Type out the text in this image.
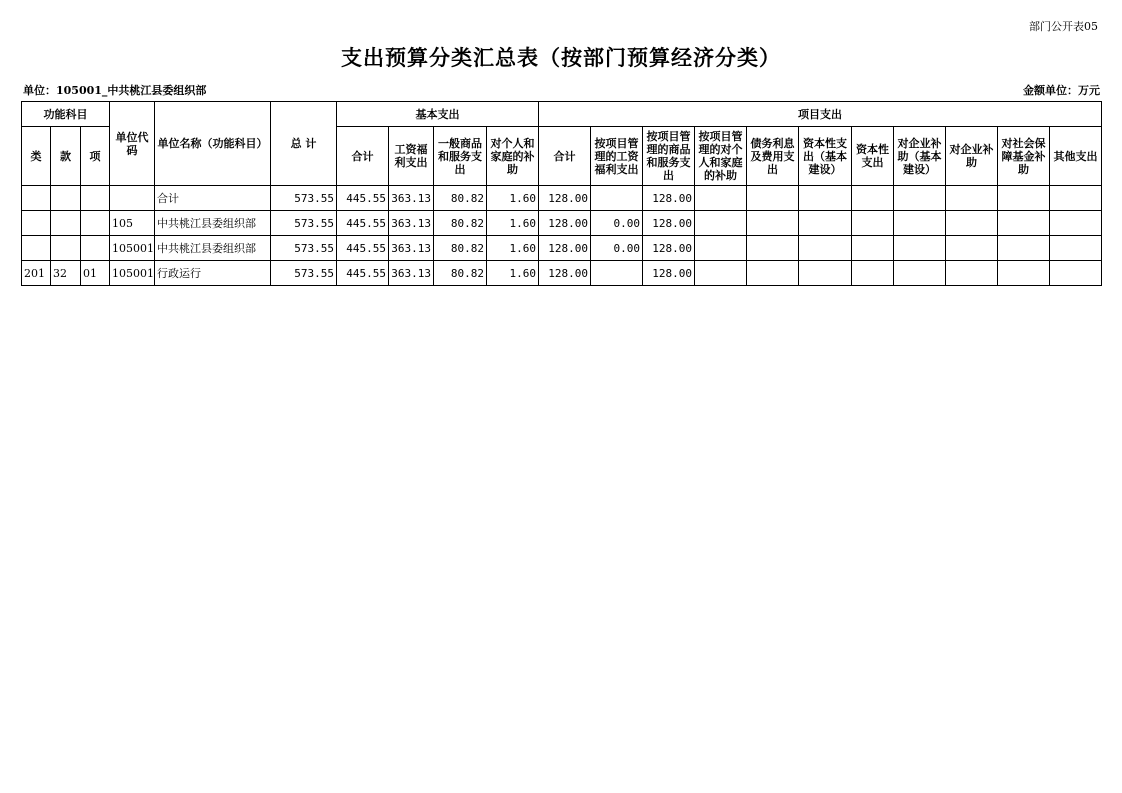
部门公开表05
支出预算分类汇总表（按部门预算经济分类）
单位：105001_中共桃江县委组织部	金额单位：万元
功能科目			单位代码	单位名称（功能科目）	总 计	基本支出				项目支出										
类	款	项				合计	工资福利支出	一般商品和服务支出	对个人和家庭的补助	合计	按项目管理的工资福利支出	按项目管理的商品和服务支出	按项目管理的对个人和家庭的补助	债务利息及费用支出	资本性支出（基本建设）	资本性支出	对企业补助（基本建设）	对企业补助	对社会保障基金补助	其他支出
				合计	573.55	445.55	363.13	80.82	1.60	128.00		128.00								
			105	中共桃江县委组织部	573.55	445.55	363.13	80.82	1.60	128.00	0.00	128.00								
			105001	中共桃江县委组织部	573.55	445.55	363.13	80.82	1.60	128.00	0.00	128.00								
201	32	01	105001	行政运行	573.55	445.55	363.13	80.82	1.60	128.00		128.00								
